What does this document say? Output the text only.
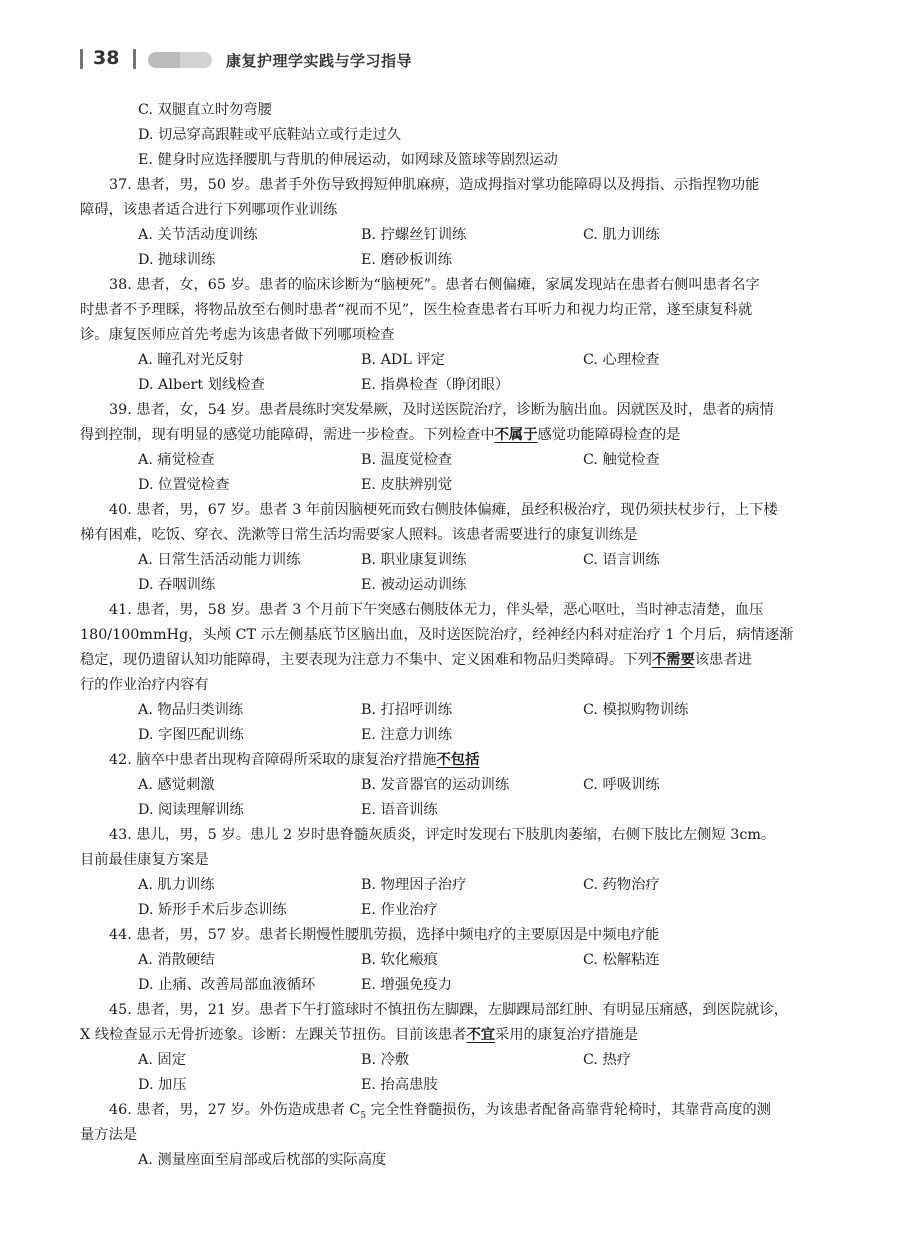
38	康复护理学实践与学习指导
C. 双腿直立时勿弯腰
D. 切忌穿高跟鞋或平底鞋站立或行走过久
E. 健身时应选择腰肌与背肌的伸展运动，如网球及篮球等剧烈运动
37. 患者，男，50 岁。患者手外伤导致拇短伸肌麻痹，造成拇指对掌功能障碍以及拇指、示指捏物功能
障碍，该患者适合进行下列哪项作业训练
A. 关节活动度训练	B. 拧螺丝钉训练	C. 肌力训练
D. 抛球训练	E. 磨砂板训练
38. 患者，女，65 岁。患者的临床诊断为“脑梗死”。患者右侧偏瘫，家属发现站在患者右侧叫患者名字
时患者不予理睬，将物品放至右侧时患者“视而不见”，医生检查患者右耳听力和视力均正常，遂至康复科就
诊。康复医师应首先考虑为该患者做下列哪项检查
A. 瞳孔对光反射	B. ADL 评定	C. 心理检查
D. Albert 划线检查	E. 指鼻检查（睁闭眼）
39. 患者，女，54 岁。患者晨练时突发晕厥，及时送医院治疗，诊断为脑出血。因就医及时，患者的病情
得到控制，现有明显的感觉功能障碍，需进一步检查。下列检查中不属于感觉功能障碍检查的是
A. 痛觉检查	B. 温度觉检查	C. 触觉检查
D. 位置觉检查	E. 皮肤辨别觉
40. 患者，男，67 岁。患者 3 年前因脑梗死而致右侧肢体偏瘫，虽经积极治疗，现仍须扶杖步行，上下楼
梯有困难，吃饭、穿衣、洗漱等日常生活均需要家人照料。该患者需要进行的康复训练是
A. 日常生活活动能力训练	B. 职业康复训练	C. 语言训练
D. 吞咽训练	E. 被动运动训练
41. 患者，男，58 岁。患者 3 个月前下午突感右侧肢体无力，伴头晕，恶心呕吐，当时神志清楚，血压
180/100mmHg，头颅 CT 示左侧基底节区脑出血，及时送医院治疗，经神经内科对症治疗 1 个月后，病情逐渐
稳定，现仍遗留认知功能障碍，主要表现为注意力不集中、定义困难和物品归类障碍。下列不需要该患者进
行的作业治疗内容有
A. 物品归类训练	B. 打招呼训练	C. 模拟购物训练
D. 字图匹配训练	E. 注意力训练
42. 脑卒中患者出现构音障碍所采取的康复治疗措施不包括
A. 感觉刺激	B. 发音器官的运动训练	C. 呼吸训练
D. 阅读理解训练	E. 语音训练
43. 患儿，男，5 岁。患儿 2 岁时患脊髓灰质炎，评定时发现右下肢肌肉萎缩，右侧下肢比左侧短 3cm。
目前最佳康复方案是
A. 肌力训练	B. 物理因子治疗	C. 药物治疗
D. 矫形手术后步态训练	E. 作业治疗
44. 患者，男，57 岁。患者长期慢性腰肌劳损，选择中频电疗的主要原因是中频电疗能
A. 消散硬结	B. 软化瘢痕	C. 松解粘连
D. 止痛、改善局部血液循环	E. 增强免疫力
45. 患者，男，21 岁。患者下午打篮球时不慎扭伤左脚踝，左脚踝局部红肿、有明显压痛感，到医院就诊，
X 线检查显示无骨折迹象。诊断：左踝关节扭伤。目前该患者不宜采用的康复治疗措施是
A. 固定	B. 冷敷	C. 热疗
D. 加压	E. 抬高患肢
46. 患者，男，27 岁。外伤造成患者 $C_5$ 完全性脊髓损伤，为该患者配备高靠背轮椅时，其靠背高度的测
量方法是
A. 测量座面至肩部或后枕部的实际高度
